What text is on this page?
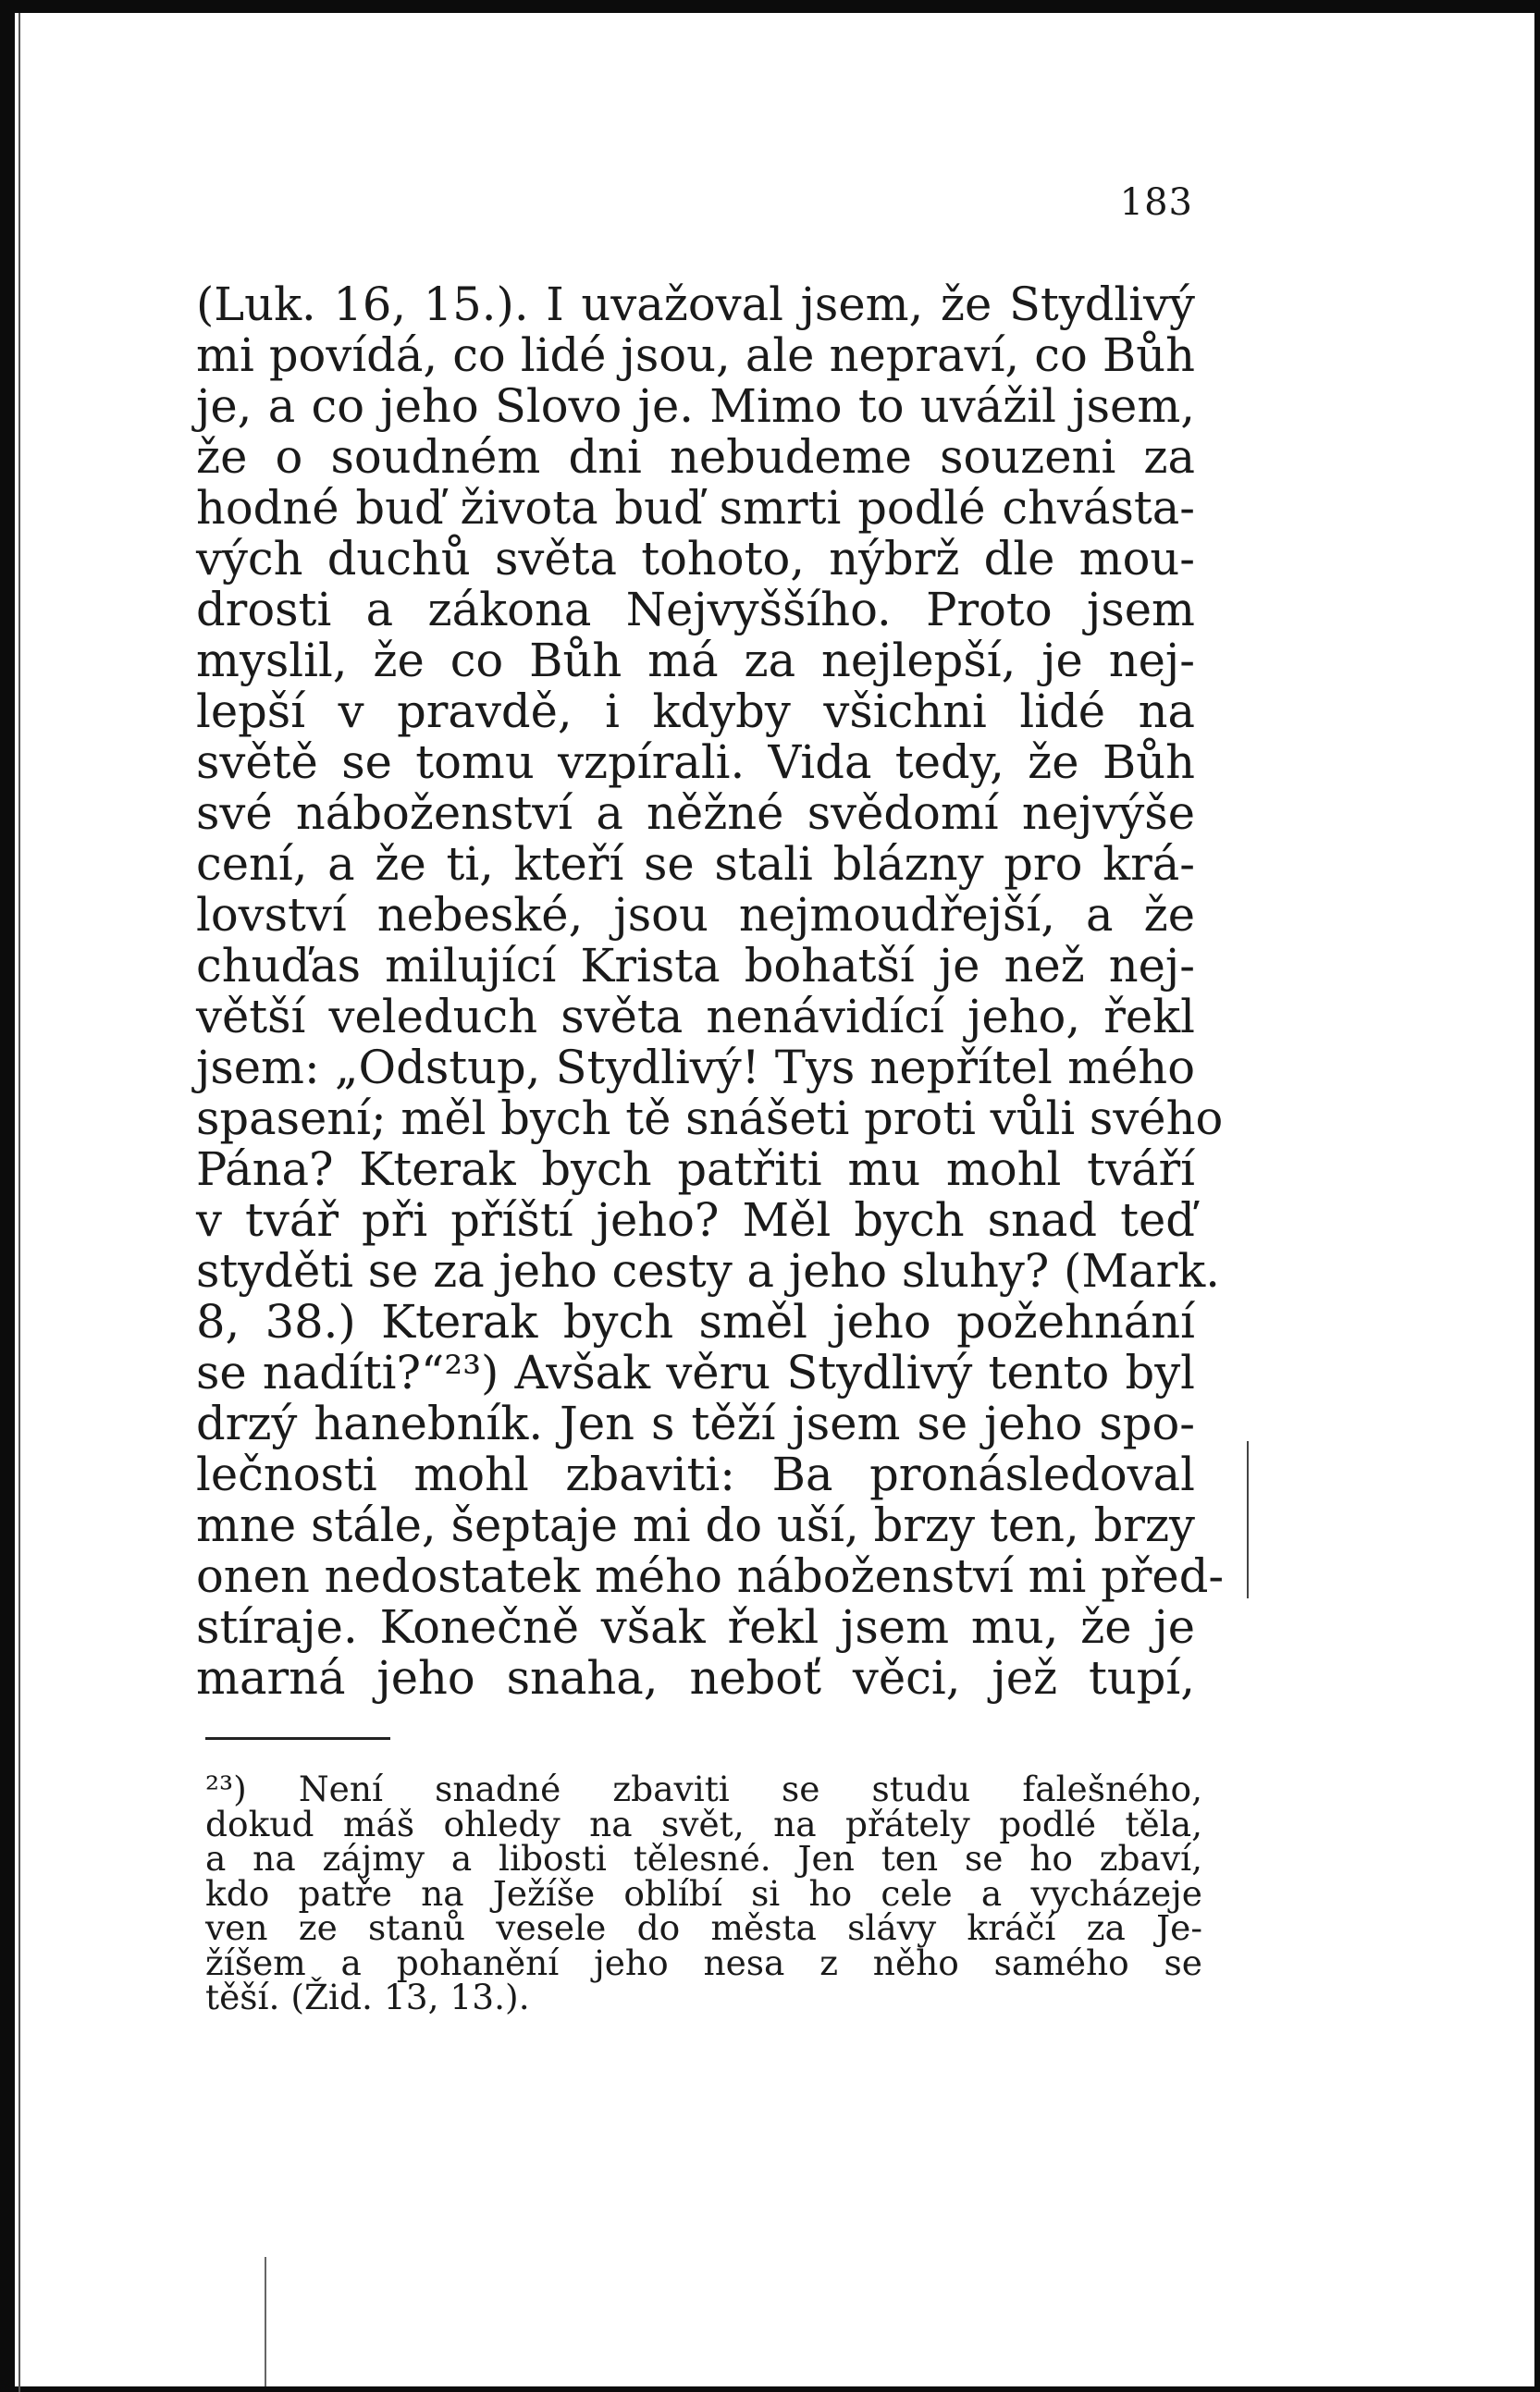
183
(Luk. 16, 15.). I uvažoval jsem, že Stydlivý
mi povídá, co lidé jsou, ale nepraví, co Bůh
je, a co jeho Slovo je. Mimo to uvážil jsem,
že o soudném dni nebudeme souzeni za
hodné buď života buď smrti podlé chvásta-
vých duchů světa tohoto, nýbrž dle mou-
drosti a zákona Nejvyššího. Proto jsem
myslil, že co Bůh má za nejlepší, je nej-
lepší v pravdě, i kdyby všichni lidé na
světě se tomu vzpírali. Vida tedy, že Bůh
své náboženství a něžné svědomí nejvýše
cení, a že ti, kteří se stali blázny pro krá-
lovství nebeské, jsou nejmoudřejší, a že
chuďas milující Krista bohatší je než nej-
větší veleduch světa nenávidící jeho, řekl
jsem: „Odstup, Stydlivý! Tys nepřítel mého
spasení; měl bych tě snášeti proti vůli svého
Pána? Kterak bych patřiti mu mohl tváří
v tvář při příští jeho? Měl bych snad teď
styděti se za jeho cesty a jeho sluhy? (Mark.
8, 38.) Kterak bych směl jeho požehnání
se nadíti?“²³) Avšak věru Stydlivý tento byl
drzý hanebník. Jen s těží jsem se jeho spo-
lečnosti mohl zbaviti: Ba pronásledoval
mne stále, šeptaje mi do uší, brzy ten, brzy
onen nedostatek mého náboženství mi před-
stíraje. Konečně však řekl jsem mu, že je
marná jeho snaha, neboť věci, jež tupí,
²³) Není snadné zbaviti se studu falešného,
dokud máš ohledy na svět, na přátely podlé těla,
a na zájmy a libosti tělesné. Jen ten se ho zbaví,
kdo patře na Ježíše oblíbí si ho cele a vycházeje
ven ze stanů vesele do města slávy kráčí za Je-
žíšem a pohanění jeho nesa z něho samého se
těší. (Žid. 13, 13.).
